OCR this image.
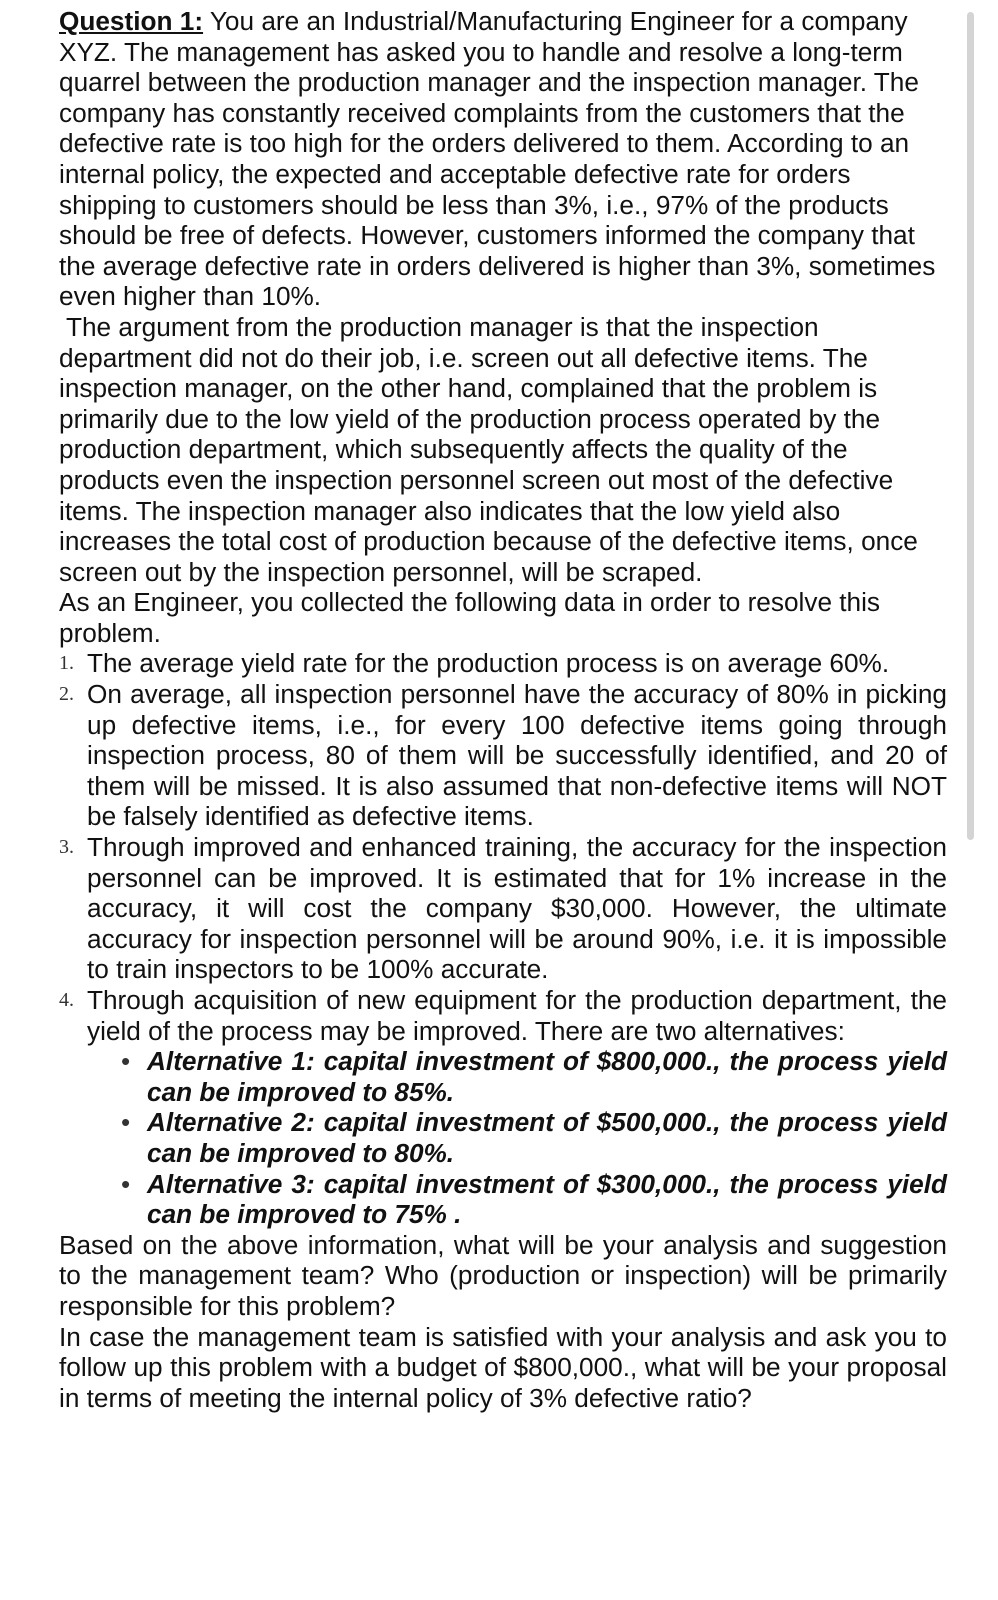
Question 1: You are an Industrial/Manufacturing Engineer for a company XYZ. The management has asked you to handle and resolve a long-term quarrel between the production manager and the inspection manager. The company has constantly received complaints from the customers that the defective rate is too high for the orders delivered to them. According to an internal policy, the expected and acceptable defective rate for orders shipping to customers should be less than 3%, i.e., 97% of the products should be free of defects. However, customers informed the company that the average defective rate in orders delivered is higher than 3%, sometimes even higher than 10%.

The argument from the production manager is that the inspection department did not do their job, i.e. screen out all defective items. The inspection manager, on the other hand, complained that the problem is primarily due to the low yield of the production process operated by the production department, which subsequently affects the quality of the products even the inspection personnel screen out most of the defective items. The inspection manager also indicates that the low yield also increases the total cost of production because of the defective items, once screen out by the inspection personnel, will be scraped.

As an Engineer, you collected the following data in order to resolve this problem.

1. The average yield rate for the production process is on average 60%.
2. On average, all inspection personnel have the accuracy of 80% in picking up defective items, i.e., for every 100 defective items going through inspection process, 80 of them will be successfully identified, and 20 of them will be missed. It is also assumed that non-defective items will NOT be falsely identified as defective items.
3. Through improved and enhanced training, the accuracy for the inspection personnel can be improved. It is estimated that for 1% increase in the accuracy, it will cost the company $30,000. However, the ultimate accuracy for inspection personnel will be around 90%, i.e. it is impossible to train inspectors to be 100% accurate.
4. Through acquisition of new equipment for the production department, the yield of the process may be improved. There are two alternatives:
• Alternative 1: capital investment of $800,000., the process yield can be improved to 85%.
• Alternative 2: capital investment of $500,000., the process yield can be improved to 80%.
• Alternative 3: capital investment of $300,000., the process yield can be improved to 75% .

Based on the above information, what will be your analysis and suggestion to the management team? Who (production or inspection) will be primarily responsible for this problem?

In case the management team is satisfied with your analysis and ask you to follow up this problem with a budget of $800,000., what will be your proposal in terms of meeting the internal policy of 3% defective ratio?
